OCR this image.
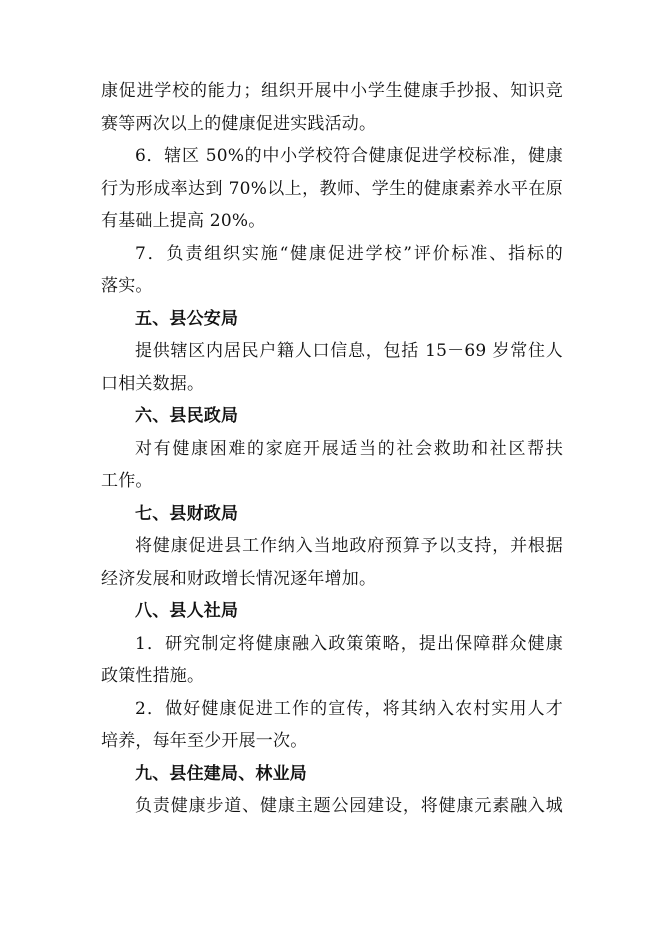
康促进学校的能力；组织开展中小学生健康手抄报、知识竞
赛等两次以上的健康促进实践活动。
6．辖区 50%的中小学校符合健康促进学校标准，健康
行为形成率达到 70%以上，教师、学生的健康素养水平在原
有基础上提高 20%。
7．负责组织实施“健康促进学校”评价标准、指标的
落实。
五、县公安局
提供辖区内居民户籍人口信息，包括 15－69 岁常住人
口相关数据。
六、县民政局
对有健康困难的家庭开展适当的社会救助和社区帮扶
工作。
七、县财政局
将健康促进县工作纳入当地政府预算予以支持，并根据
经济发展和财政增长情况逐年增加。
八、县人社局
1．研究制定将健康融入政策策略，提出保障群众健康
政策性措施。
2．做好健康促进工作的宣传，将其纳入农村实用人才
培养，每年至少开展一次。
九、县住建局、林业局
负责健康步道、健康主题公园建设，将健康元素融入城
